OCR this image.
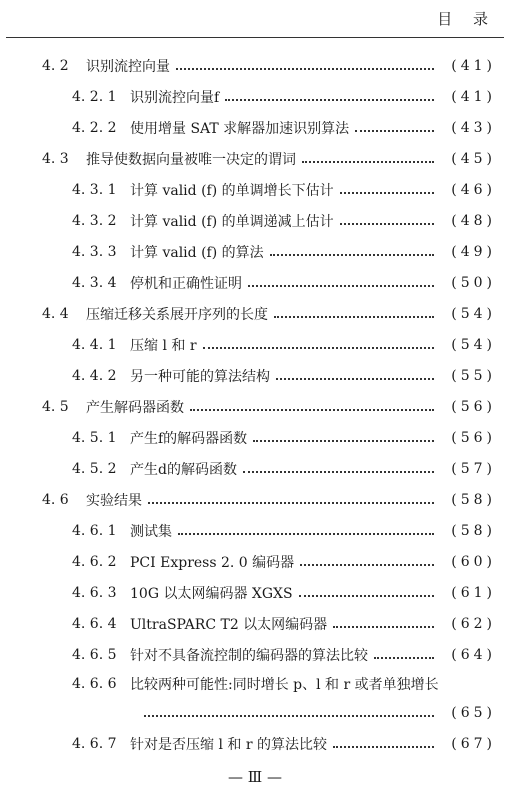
目 录
4. 2	识别流控向量	(41)
4. 2. 1 识别流控向量f	(41)
4. 2. 2 使用增量 SAT 求解器加速识别算法	(43)
4. 3	推导使数据向量被唯一决定的谓词	(45)
4. 3. 1 计算 valid (f) 的单调增长下估计	(46)
4. 3. 2 计算 valid (f) 的单调递减上估计	(48)
4. 3. 3 计算 valid (f) 的算法	(49)
4. 3. 4 停机和正确性证明	(50)
4. 4	压缩迁移关系展开序列的长度	(54)
4. 4. 1 压缩 l 和 r	(54)
4. 4. 2 另一种可能的算法结构	(55)
4. 5	产生解码器函数	(56)
4. 5. 1 产生f的解码器函数	(56)
4. 5. 2 产生d的解码函数	(57)
4. 6	实验结果	(58)
4. 6. 1 测试集	(58)
4. 6. 2 PCI Express 2. 0 编码器	(60)
4. 6. 3 10G 以太网编码器 XGXS	(61)
4. 6. 4 UltraSPARC T2 以太网编码器	(62)
4. 6. 5 针对不具备流控制的编码器的算法比较	(64)
4. 6. 6 比较两种可能性:同时增长 p、l 和 r 或者单独增长
(65)
4. 6. 7 针对是否压缩 l 和 r 的算法比较	(67)
— Ⅲ —
